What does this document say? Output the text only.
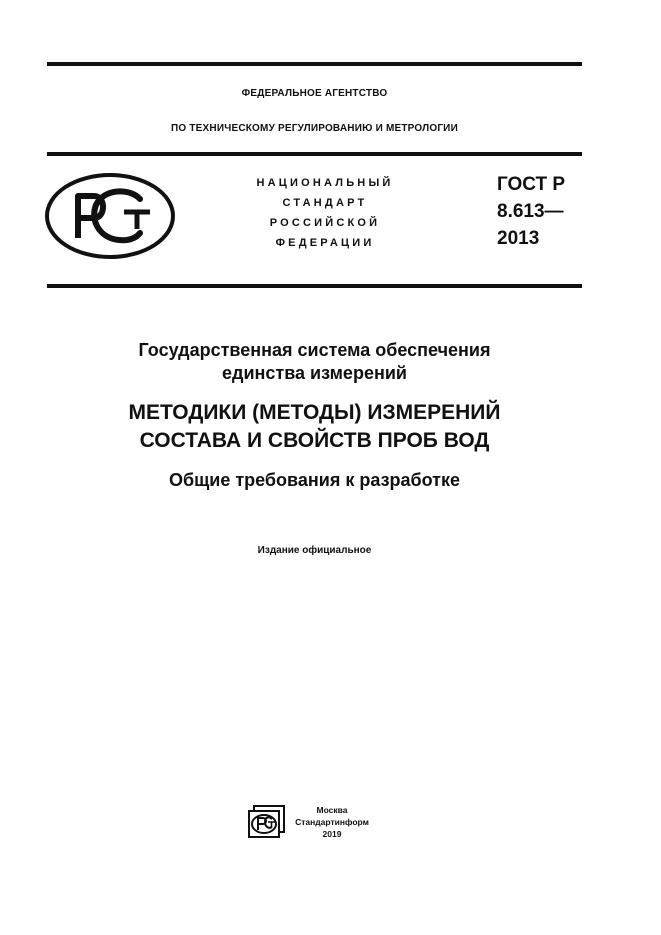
ФЕДЕРАЛЬНОЕ АГЕНТСТВО
ПО ТЕХНИЧЕСКОМУ РЕГУЛИРОВАНИЮ И МЕТРОЛОГИИ
НАЦИОНАЛЬНЫЙ
СТАНДАРТ
РОССИЙСКОЙ
ФЕДЕРАЦИИ
ГОСТ Р
8.613—
2013
Государственная система обеспечения
единства измерений
МЕТОДИКИ (МЕТОДЫ) ИЗМЕРЕНИЙ
СОСТАВА И СВОЙСТВ ПРОБ ВОД
Общие требования к разработке
Издание официальное
Москва
Стандартинформ
2019
